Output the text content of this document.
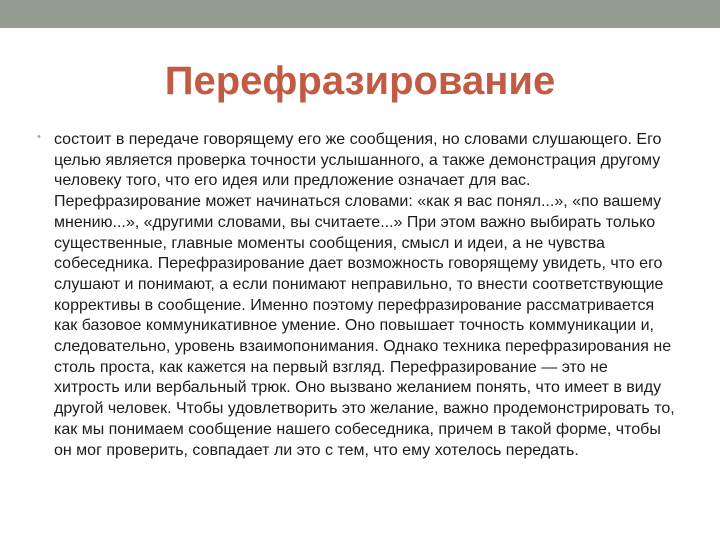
Перефразирование
• состоит в передаче говорящему его же сообщения, но словами слушающего. Его целью является проверка точности услышанного, а также демонстрация другому человеку того, что его идея или предложение означает для вас. Перефразирование может начинаться словами: «как я вас понял...», «по вашему мнению...», «другими словами, вы считаете...» При этом важно выбирать только существенные, главные моменты сообщения, смысл и идеи, а не чувства собеседника. Перефразирование дает возможность говорящему увидеть, что его слушают и понимают, а если понимают неправильно, то внести соответствующие коррективы в сообщение. Именно поэтому перефразирование рассматривается как базовое коммуникативное умение. Оно повышает точность коммуникации и, следовательно, уровень взаимопонимания. Однако техника перефразирования не столь проста, как кажется на первый взгляд. Перефразирование — это не хитрость или вербальный трюк. Оно вызвано желанием понять, что имеет в виду другой человек. Чтобы удовлетворить это желание, важно продемонстрировать то, как мы понимаем сообщение нашего собеседника, причем в такой форме, чтобы он мог проверить, совпадает ли это с тем, что ему хотелось передать.
